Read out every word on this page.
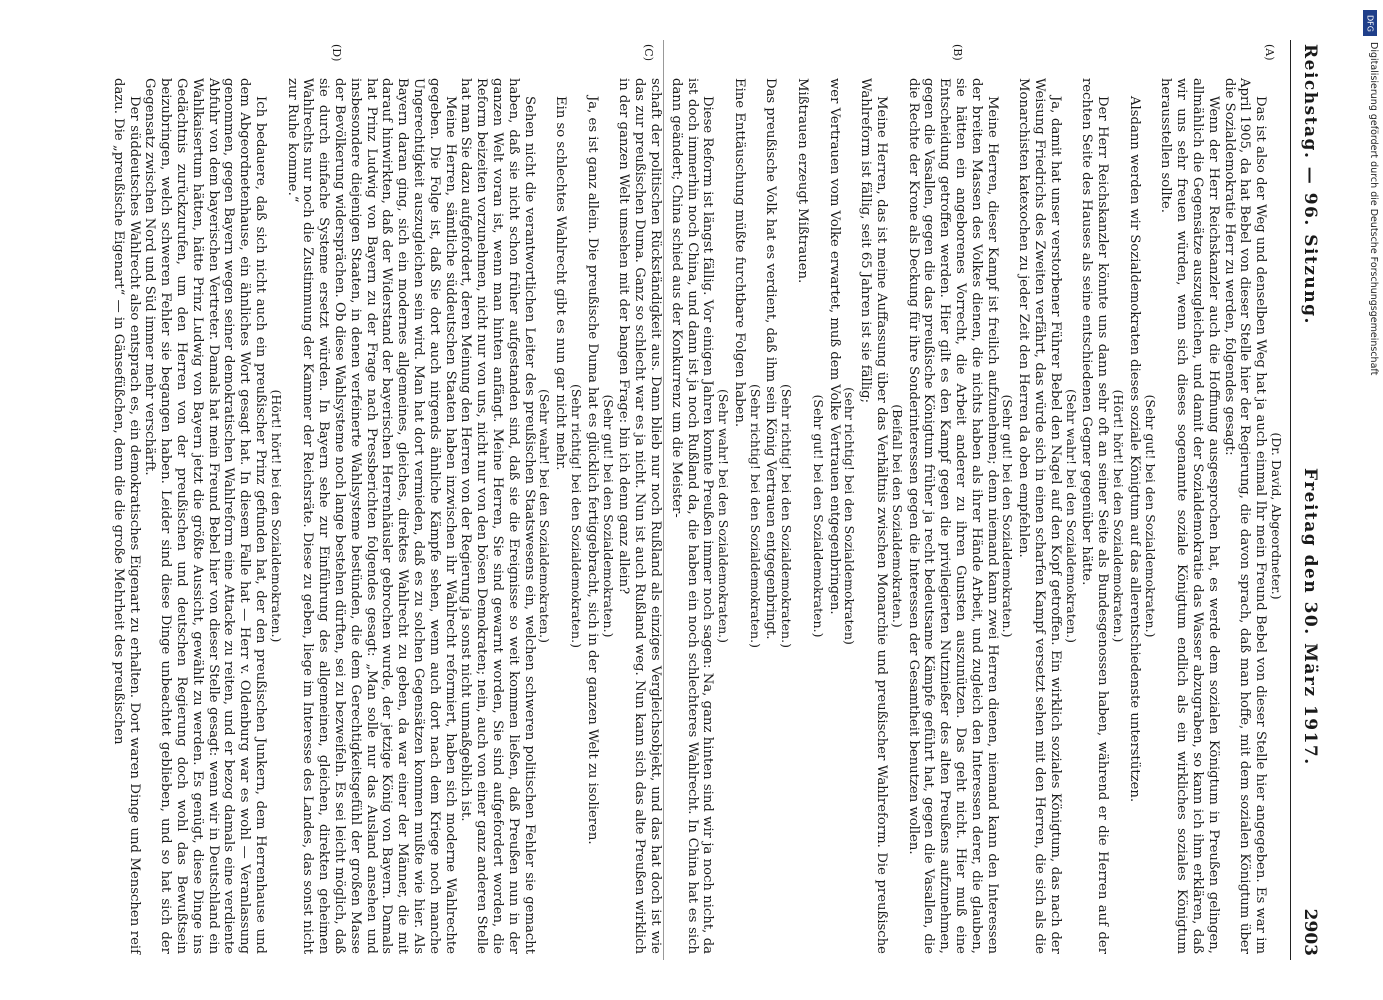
DFG
Digitalisierung gefördert durch die Deutsche Forschungsgemeinschaft
Reichstag. — 96. Sitzung.
Freitag den 30. März 1917.
2903
(A)
(B)

(Dr. David, Abgeordneter.)

Das ist also der Weg und denselben Weg hat ja auch einmal Ihr mein Freund Bebel von dieser Stelle hier angegeben. Es war im April 1905, da hat Bebel von dieser Stelle hier der Regierung, die davon sprach, daß man hoffe, mit dem sozialen Königtum über die Sozialdemokratie Herr zu werden, folgendes gesagt:

Wenn der Herr Reichskanzler auch die Hoffnung ausgesprochen hat, es werde dem sozialen Königtum in Preußen gelingen, allmählich die Gegensätze auszugleichen, und damit der Sozialdemokratie das Wasser abzugraben, so kann ich ihm erklären, daß wir uns sehr freuen würden, wenn sich dieses sogenannte soziale Königtum endlich als ein wirkliches soziales Königtum herausstellen sollte.

(Sehr gut! bei den Sozialdemokraten.)

Alsdann werden wir Sozialdemokraten dieses soziale Königtum auf das allerentschiedenste unterstützen.

(Hört! hört! bei den Sozialdemokraten.)

Der Herr Reichskanzler könnte uns dann sehr oft an seiner Seite als Bundesgenossen haben, während er die Herren auf der rechten Seite des Hauses als seine entschiedenen Gegner gegenüber hätte.

(Sehr wahr! bei den Sozialdemokraten.)

Ja, damit hat unser verstorbener Führer Bebel den Nagel auf den Kopf getroffen. Ein wirklich soziales Königtum, das nach der Weisung Friedrichs des Zweiten verfährt, das würde sich in einen scharfen Kampf versetzt sehen mit den Herren, die sich als die Monarchisten katexochen zu jeder Zeit den Herren da oben empfehlen.

(Sehr gut! bei den Sozialdemokraten.)

Meine Herren, dieser Kampf ist freilich aufzunehmen; denn niemand kann zwei Herren dienen, niemand kann den Interessen der breiten Massen des Volkes dienen, die nichts haben als ihrer Hände Arbeit, und zugleich den Interessen derer, die glauben, sie hätten ein angeborenes Vorrecht, die Arbeit anderer zu ihren Gunsten auszunützen. Das geht nicht. Hier muß eine Entscheidung getroffen werden. Hier gilt es den Kampf gegen die privilegierten Nutznießer des alten Preußens aufzunehmen, gegen die Vasallen, gegen die das preußische Königtum früher ja recht bedeutsame Kämpfe geführt hat, gegen die Vasallen, die die Rechte der Krone als Deckung für ihre Sonderinteressen gegen die Interessen der Gesamtheit benutzen wollen.

(Beifall bei den Sozialdemokraten.)

Meine Herren, das ist meine Auffassung über das Verhältnis zwischen Monarchie und preußischer Wahlreform. Die preußische Wahlreform ist fällig, seit 65 Jahren ist sie fällig;

(sehr richtig! bei den Sozialdemokraten)

wer Vertrauen vom Volke erwartet, muß dem Volke Vertrauen entgegenbringen.

(Sehr gut! bei den Sozialdemokraten.)

Mißtrauen erzeugt Mißtrauen.

(Sehr richtig! bei den Sozialdemokraten.)

Das preußische Volk hat es verdient, daß ihm sein König Vertrauen entgegenbringt.

(Sehr richtig! bei den Sozialdemokraten.)

Eine Enttäuschung müßte furchtbare Folgen haben.

(Sehr wahr! bei den Sozialdemokraten.)

Diese Reform ist längst fällig. Vor einigen Jahren konnte Preußen immer noch sagen: Na, ganz hinten sind wir ja noch nicht, da ist doch immerhin noch China, und dann ist ja noch Rußland da, die haben ein noch schlechteres Wahlrecht. In China hat es sich dann geändert; China schied aus der Konkurrenz um die Meister-

(C)
(D)

schaft der politischen Rückständigkeit aus. Dann blieb nur noch Rußland als einziges Vergleichsobjekt, und das hat doch ist wie das zur preußischen Duma. Ganz so schlecht war es ja nicht. Nun ist auch Rußland weg. Nun kann sich das alte Preußen wirklich in der ganzen Welt umsehen mit der bangen Frage: bin ich denn ganz allein?

(Sehr gut! bei den Sozialdemokraten.)

Ja, es ist ganz allein. Die preußische Duma hat es glücklich fertiggebracht, sich in der ganzen Welt zu isolieren.

(Sehr richtig! bei den Sozialdemokraten.)

Ein so schlechtes Wahlrecht gibt es nun gar nicht mehr.

(Sehr wahr! bei den Sozialdemokraten.)

Sehen nicht die verantwortlichen Leiter des preußischen Staatswesens ein, welchen schweren politischen Fehler sie gemacht haben, daß sie nicht schon früher aufgestanden sind, daß sie die Ereignisse so weit kommen ließen, daß Preußen nun in der ganzen Welt voran ist, wenn man hinten anfängt. Meine Herren, Sie sind gewarnt worden, Sie sind aufgefordert worden, die Reform beizeiten vorzunehmen, nicht nur von uns, nicht nur von den bösen Demokraten; nein, auch von einer ganz anderen Stelle hat man Sie dazu aufgefordert, deren Meinung den Herren von der Regierung ja sonst nicht unmaßgeblich ist.

Meine Herren, sämtliche süddeutschen Staaten haben inzwischen ihr Wahlrecht reformiert, haben sich moderne Wahlrechte gegeben. Die Folge ist, daß Sie dort auch nirgends ähnliche Kämpfe sehen, wenn auch dort nach dem Kriege noch manche Ungerechtigkeit auszugleichen sein wird. Man hat dort vermieden, daß es zu solchen Gegensätzen kommen mußte wie hier. Als Bayern daran ging, sich ein modernes allgemeines, gleiches, direktes Wahlrecht zu geben, da war einer der Männer, die mit darauf hinwirkten, daß der Widerstand der bayerischen Herrenhäusler gebrochen wurde, der jetzige König von Bayern. Damals hat Prinz Ludwig von Bayern zu der Frage nach Pressberichten folgendes gesagt: „Man solle nur das Ausland ansehen und insbesondere diejenigen Staaten, in denen verfeinerte Wahlsysteme bestünden, die dem Gerechtigkeitsgefühl der großen Masse der Bevölkerung widersprächen. Ob diese Wahlsysteme noch lange bestehen dürften, sei zu bezweifeln. Es sei leicht möglich, daß sie durch einfache Systeme ersetzt würden. In Bayern sehe zur Einführung des allgemeinen, gleichen, direkten geheimen Wahlrechts nur noch die Zustimmung der Kammer der Reichsräte. Diese zu geben, liege im Interesse des Landes, das sonst nicht zur Ruhe komme.“

(Hört! hört! bei den Sozialdemokraten.)

Ich bedauere, daß sich nicht auch ein preußischer Prinz gefunden hat, der den preußischen Junkern, dem Herrenhause und dem Abgeordnetenhause, ein ähnliches Wort gesagt hat. In diesem Falle hat — Herr v. Oldenburg war es wohl — Veranlassung genommen, gegen Bayern wegen seiner demokratischen Wahlreform eine Attacke zu reiten, und er bezog damals eine verdiente Abfuhr von dem bayerischen Vertreter. Damals hat mein Freund Bebel hier von dieser Stelle gesagt: wenn wir in Deutschland ein Wahlkaisertum hätten, hätte Prinz Ludwig von Bayern jetzt die größte Aussicht, gewählt zu werden. Es genügt, diese Dinge ins Gedächtnis zurückzurufen, um den Herren von der preußischen und deutschen Regierung doch wohl das Bewußtsein beizubringen, welch schweren Fehler sie begangen haben. Leider sind diese Dinge unbeachtet geblieben, und so hat sich der Gegensatz zwischen Nord und Süd immer mehr verschärft.

Der süddeutsches Wahlrecht also entsprach es, ein demokratisches Eigenart zu erhalten. Dort waren Dinge und Menschen reif dazu. Die „preußische Eigenart“ — in Gänsefüßchen, denn die die große Mehrheit des preußischen
